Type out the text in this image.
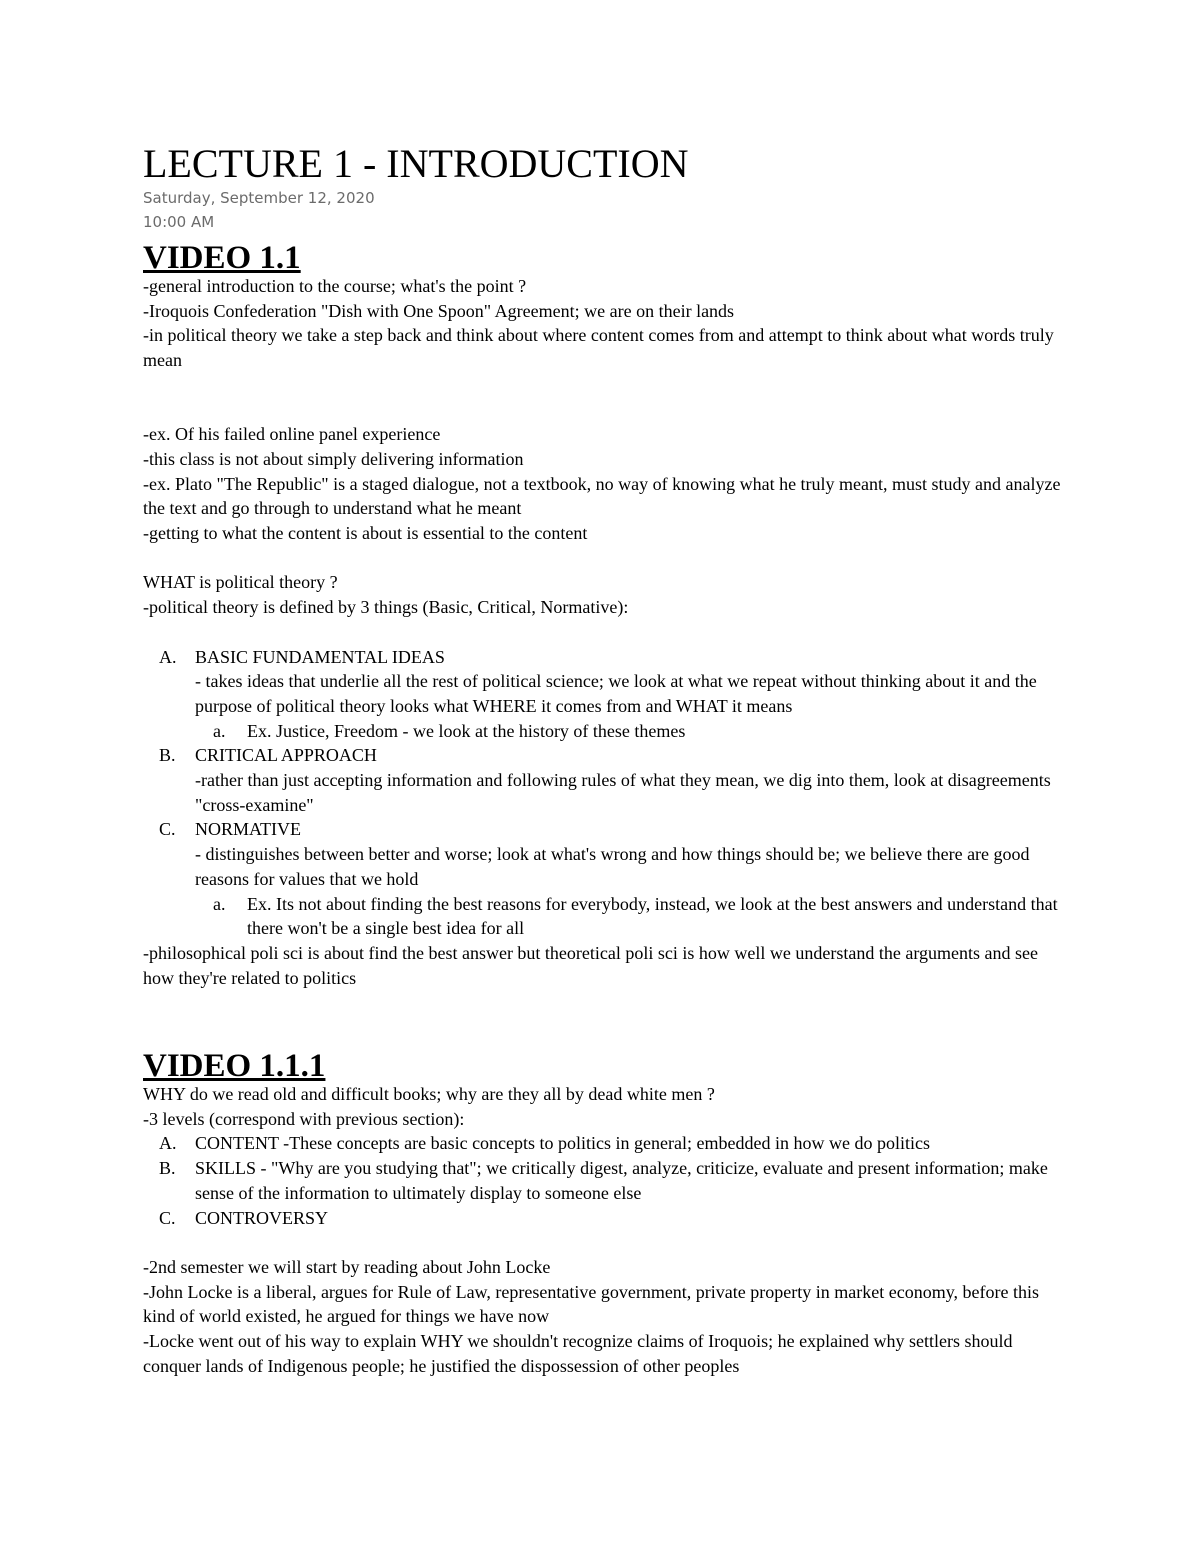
LECTURE 1 - INTRODUCTION
Saturday, September 12, 2020
10:00 AM
VIDEO 1.1

-general introduction to the course; what's the point ?

-Iroquois Confederation "Dish with One Spoon" Agreement; we are on their lands

-in political theory we take a step back and think about where content comes from and attempt to think about what words truly mean

-ex. Of his failed online panel experience

-this class is not about simply delivering information

-ex. Plato "The Republic" is a staged dialogue, not a textbook, no way of knowing what he truly meant, must study and analyze the text and go through to understand what he meant

-getting to what the content is about is essential to the content

WHAT is political theory ?

-political theory is defined by 3 things (Basic, Critical, Normative):

A. BASIC FUNDAMENTAL IDEAS
- takes ideas that underlie all the rest of political science; we look at what we repeat without thinking about it and the purpose of political theory looks what WHERE it comes from and WHAT it means
a. Ex. Justice, Freedom - we look at the history of these themes
B. CRITICAL APPROACH
-rather than just accepting information and following rules of what they mean, we dig into them, look at disagreements "cross-examine"
C. NORMATIVE
- distinguishes between better and worse; look at what's wrong and how things should be; we believe there are good reasons for values that we hold
a. Ex. Its not about finding the best reasons for everybody, instead, we look at the best answers and understand that there won't be a single best idea for all

-philosophical poli sci is about find the best answer but theoretical poli sci is how well we understand the arguments and see how they're related to politics

VIDEO 1.1.1

WHY do we read old and difficult books; why are they all by dead white men ?

-3 levels (correspond with previous section):

A. CONTENT -These concepts are basic concepts to politics in general; embedded in how we do politics
B. SKILLS - "Why are you studying that"; we critically digest, analyze, criticize, evaluate and present information; make sense of the information to ultimately display to someone else
C. CONTROVERSY

-2nd semester we will start by reading about John Locke

-John Locke is a liberal, argues for Rule of Law, representative government, private property in market economy, before this kind of world existed, he argued for things we have now

-Locke went out of his way to explain WHY we shouldn't recognize claims of Iroquois; he explained why settlers should conquer lands of Indigenous people; he justified the dispossession of other peoples
